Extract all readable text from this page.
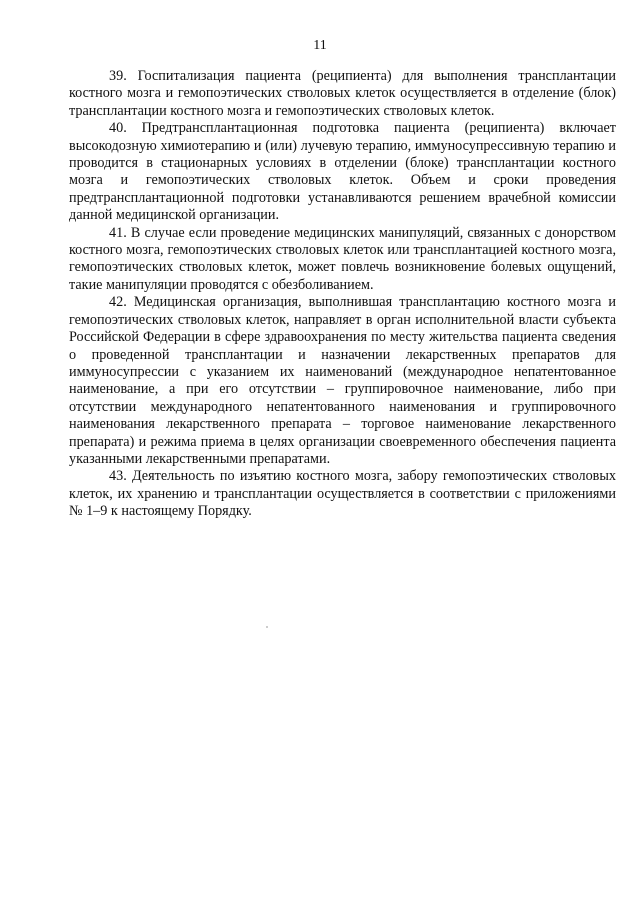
11

39. Госпитализация пациента (реципиента) для выполнения трансплантации костного мозга и гемопоэтических стволовых клеток осуществляется в отделение (блок) трансплантации костного мозга и гемопоэтических стволовых клеток.

40. Предтрансплантационная подготовка пациента (реципиента) включает высокодозную химиотерапию и (или) лучевую терапию, иммуносупрессивную терапию и проводится в стационарных условиях в отделении (блоке) трансплантации костного мозга и гемопоэтических стволовых клеток. Объем и сроки проведения предтрансплантационной подготовки устанавливаются решением врачебной комиссии данной медицинской организации.

41. В случае если проведение медицинских манипуляций, связанных с донорством костного мозга, гемопоэтических стволовых клеток или трансплантацией костного мозга, гемопоэтических стволовых клеток, может повлечь возникновение болевых ощущений, такие манипуляции проводятся с обезболиванием.

42. Медицинская организация, выполнившая трансплантацию костного мозга и гемопоэтических стволовых клеток, направляет в орган исполнительной власти субъекта Российской Федерации в сфере здравоохранения по месту жительства пациента сведения о проведенной трансплантации и назначении лекарственных препаратов для иммуносупрессии с указанием их наименований (международное непатентованное наименование, а при его отсутствии – группировочное наименование, либо при отсутствии международного непатентованного наименования и группировочного наименования лекарственного препарата – торговое наименование лекарственного препарата) и режима приема в целях организации своевременного обеспечения пациента указанными лекарственными препаратами.

43. Деятельность по изъятию костного мозга, забору гемопоэтических стволовых клеток, их хранению и трансплантации осуществляется в соответствии с приложениями № 1–9 к настоящему Порядку.
